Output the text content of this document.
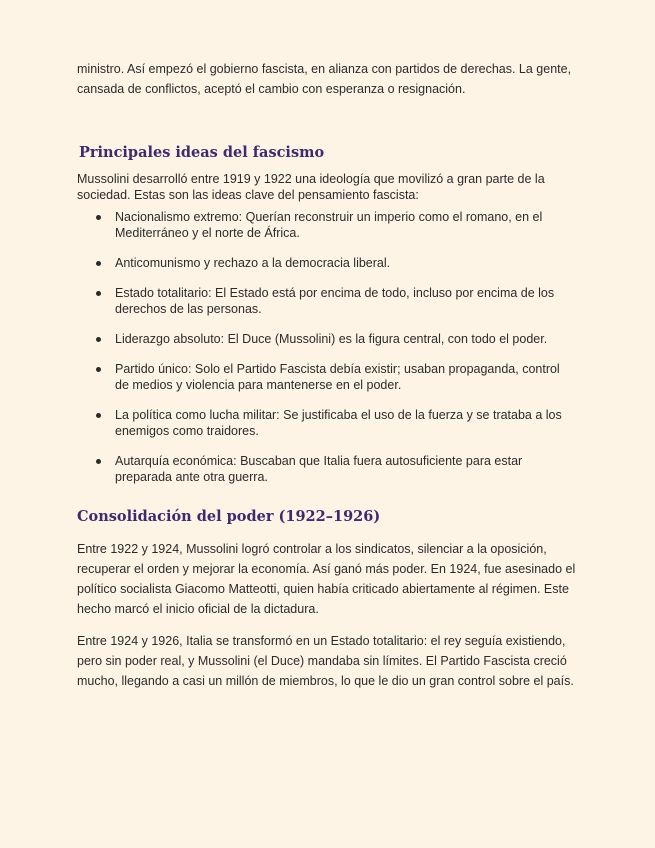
ministro. Así empezó el gobierno fascista, en alianza con partidos de derechas. La gente, cansada de conflictos, aceptó el cambio con esperanza o resignación.

Principales ideas del fascismo

Mussolini desarrolló entre 1919 y 1922 una ideología que movilizó a gran parte de la sociedad. Estas son las ideas clave del pensamiento fascista:

Nacionalismo extremo: Querían reconstruir un imperio como el romano, en el Mediterráneo y el norte de África.
Anticomunismo y rechazo a la democracia liberal.
Estado totalitario: El Estado está por encima de todo, incluso por encima de los derechos de las personas.
Liderazgo absoluto: El Duce (Mussolini) es la figura central, con todo el poder.
Partido único: Solo el Partido Fascista debía existir; usaban propaganda, control de medios y violencia para mantenerse en el poder.
La política como lucha militar: Se justificaba el uso de la fuerza y se trataba a los enemigos como traidores.
Autarquía económica: Buscaban que Italia fuera autosuficiente para estar preparada ante otra guerra.
Consolidación del poder (1922–1926)

Entre 1922 y 1924, Mussolini logró controlar a los sindicatos, silenciar a la oposición, recuperar el orden y mejorar la economía. Así ganó más poder. En 1924, fue asesinado el político socialista Giacomo Matteotti, quien había criticado abiertamente al régimen. Este hecho marcó el inicio oficial de la dictadura.

Entre 1924 y 1926, Italia se transformó en un Estado totalitario: el rey seguía existiendo, pero sin poder real, y Mussolini (el Duce) mandaba sin límites. El Partido Fascista creció mucho, llegando a casi un millón de miembros, lo que le dio un gran control sobre el país.
